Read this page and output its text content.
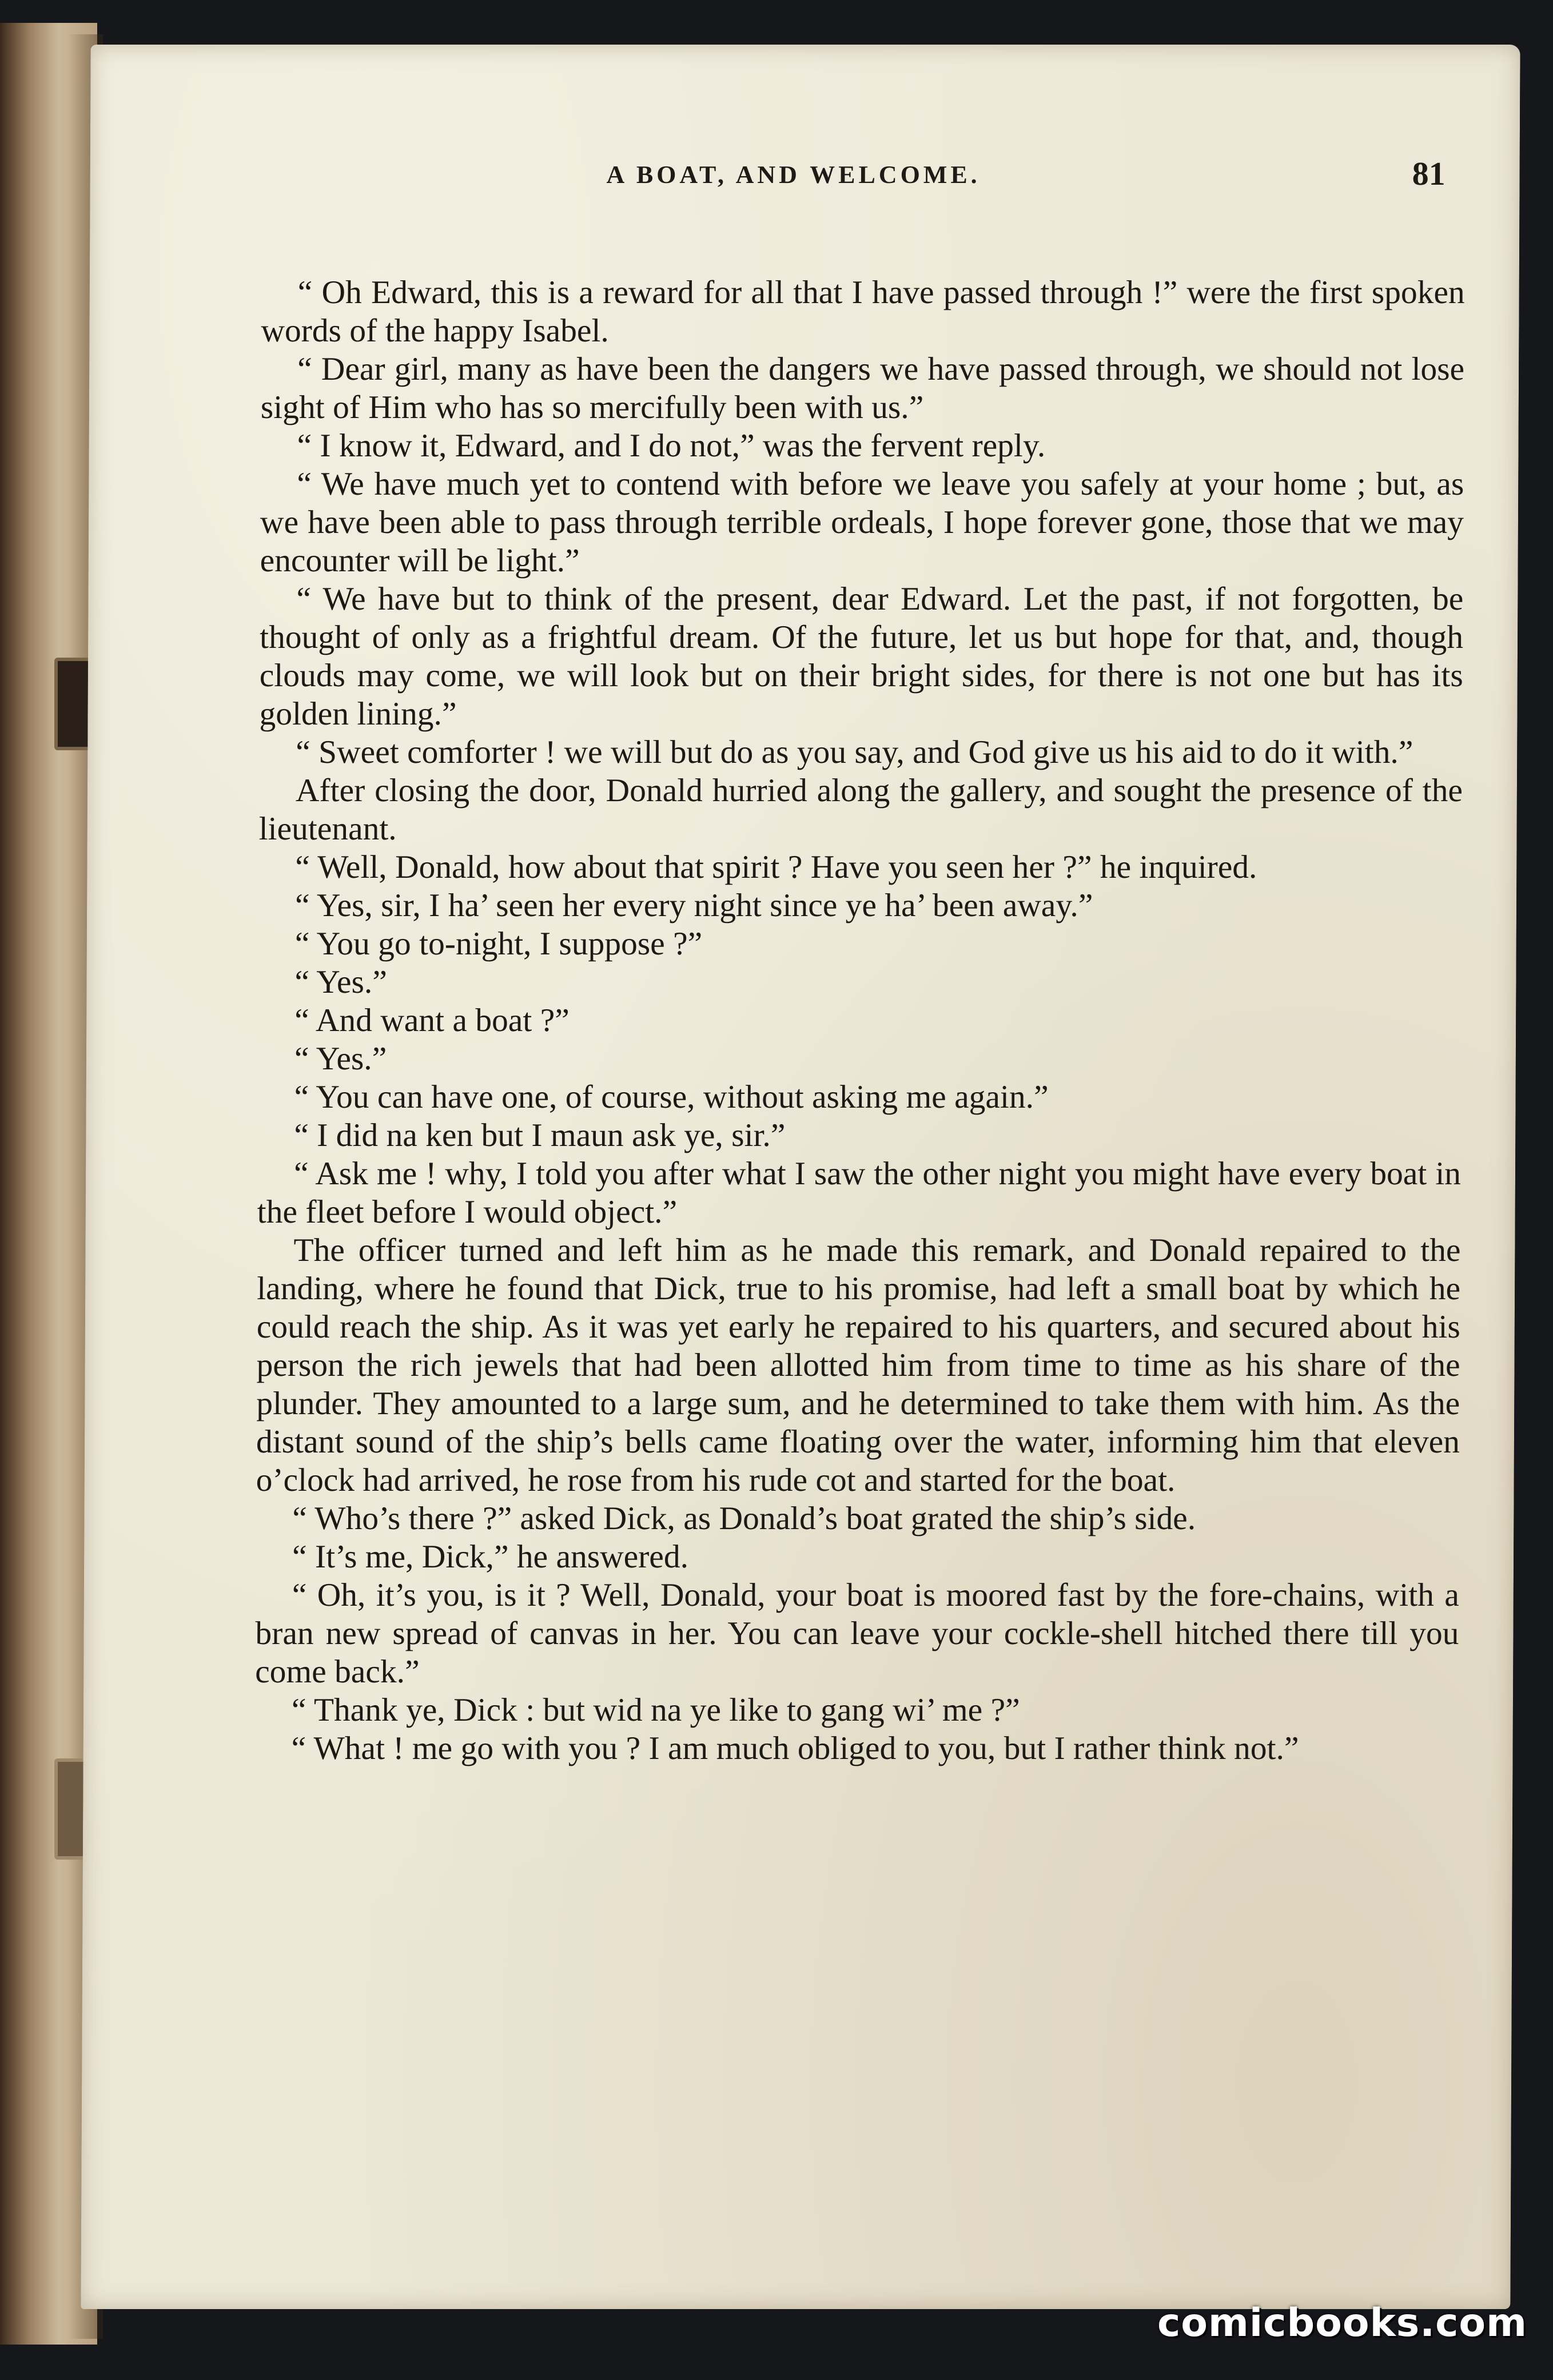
A BOAT, AND WELCOME.	81

“ Oh Edward, this is a reward for all that I have passed through !” were the first spoken words of the happy Isabel.

“ Dear girl, many as have been the dangers we have passed through, we should not lose sight of Him who has so mercifully been with us.”

“ I know it, Edward, and I do not,” was the fervent reply.

“ We have much yet to contend with before we leave you safely at your home ; but, as we have been able to pass through terrible ordeals, I hope forever gone, those that we may encounter will be light.”

“ We have but to think of the present, dear Edward. Let the past, if not forgotten, be thought of only as a frightful dream. Of the future, let us but hope for that, and, though clouds may come, we will look but on their bright sides, for there is not one but has its golden lining.”

“ Sweet comforter ! we will but do as you say, and God give us his aid to do it with.”

After closing the door, Donald hurried along the gallery, and sought the presence of the lieutenant.

“ Well, Donald, how about that spirit ? Have you seen her ?” he inquired.

“ Yes, sir, I ha’ seen her every night since ye ha’ been away.”

“ You go to-night, I suppose ?”

“ Yes.”

“ And want a boat ?”

“ Yes.”

“ You can have one, of course, without asking me again.”

“ I did na ken but I maun ask ye, sir.”

“ Ask me ! why, I told you after what I saw the other night you might have every boat in the fleet before I would object.”

The officer turned and left him as he made this remark, and Donald repaired to the landing, where he found that Dick, true to his promise, had left a small boat by which he could reach the ship. As it was yet early he repaired to his quarters, and secured about his person the rich jewels that had been allotted him from time to time as his share of the plunder. They amounted to a large sum, and he determined to take them with him. As the distant sound of the ship’s bells came floating over the water, informing him that eleven o’clock had arrived, he rose from his rude cot and started for the boat.

“ Who’s there ?” asked Dick, as Donald’s boat grated the ship’s side.

“ It’s me, Dick,” he answered.

“ Oh, it’s you, is it ? Well, Donald, your boat is moored fast by the fore-chains, with a bran new spread of canvas in her. You can leave your cockle-shell hitched there till you come back.”

“ Thank ye, Dick : but wid na ye like to gang wi’ me ?”

“ What ! me go with you ? I am much obliged to you, but I rather think not.”

comicbooks.com
